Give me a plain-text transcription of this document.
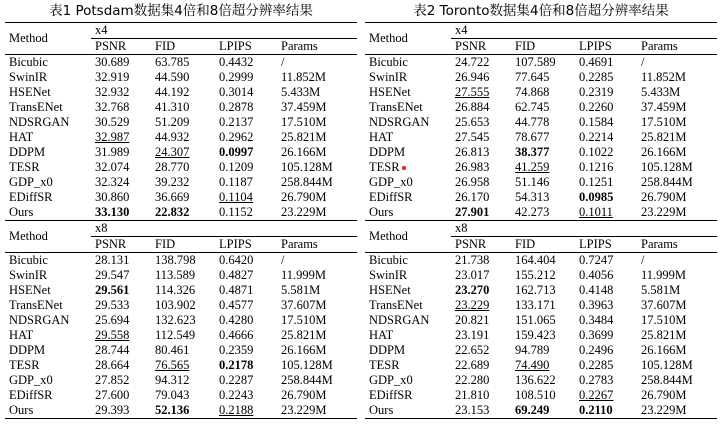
表1 Potsdam数据集4倍和8倍超分辨率结果
Method	x4			
	PSNR	FID	LPIPS	Params
Bicubic	30.689	63.785	0.4432	/
SwinIR	32.919	44.590	0.2999	11.852M
HSENet	32.932	44.192	0.3014	5.433M
TransENet	32.768	41.310	0.2878	37.459M
NDSRGAN	30.529	51.209	0.2137	17.510M
HAT	32.987	44.932	0.2962	25.821M
DDPM	31.989	24.307	0.0997	26.166M
TESR	32.074	28.770	0.1209	105.128M
GDP_x0	32.324	39.232	0.1187	258.844M
EDiffSR	30.860	36.669	0.1104	26.790M
Ours	33.130	22.832	0.1152	23.229M
Method	x8			
	PSNR	FID	LPIPS	Params
Bicubic	28.131	138.798	0.6420	/
SwinIR	29.547	113.589	0.4827	11.999M
HSENet	29.561	114.326	0.4871	5.581M
TransENet	29.533	103.902	0.4577	37.607M
NDSRGAN	25.694	132.623	0.4280	17.510M
HAT	29.558	112.549	0.4666	25.821M
DDPM	28.744	80.461	0.2359	26.166M
TESR	28.664	76.565	0.2178	105.128M
GDP_x0	27.852	94.312	0.2287	258.844M
EDiffSR	27.600	79.043	0.2243	26.790M
Ours	29.393	52.136	0.2188	23.229M
表2 Toronto数据集4倍和8倍超分辨率结果
Method	x4			
	PSNR	FID	LPIPS	Params
Bicubic	24.722	107.589	0.4691	/
SwinIR	26.946	77.645	0.2285	11.852M
HSENet	27.555	74.868	0.2319	5.433M
TransENet	26.884	62.745	0.2260	37.459M
NDSRGAN	25.653	44.778	0.1584	17.510M
HAT	27.545	78.677	0.2214	25.821M
DDPM	26.813	38.377	0.1022	26.166M
TESR	26.983	41.259	0.1216	105.128M
GDP_x0	26.958	51.146	0.1251	258.844M
EDiffSR	26.170	54.313	0.0985	26.790M
Ours	27.901	42.273	0.1011	23.229M
Method	x8			
	PSNR	FID	LPIPS	Params
Bicubic	21.738	164.404	0.7247	/
SwinIR	23.017	155.212	0.4056	11.999M
HSENet	23.270	162.713	0.4148	5.581M
TransENet	23.229	133.171	0.3963	37.607M
NDSRGAN	20.821	151.065	0.3484	17.510M
HAT	23.191	159.423	0.3699	25.821M
DDPM	22.652	94.789	0.2496	26.166M
TESR	22.689	74.490	0.2285	105.128M
GDP_x0	22.280	136.622	0.2783	258.844M
EDiffSR	21.810	108.510	0.2267	26.790M
Ours	23.153	69.249	0.2110	23.229M
